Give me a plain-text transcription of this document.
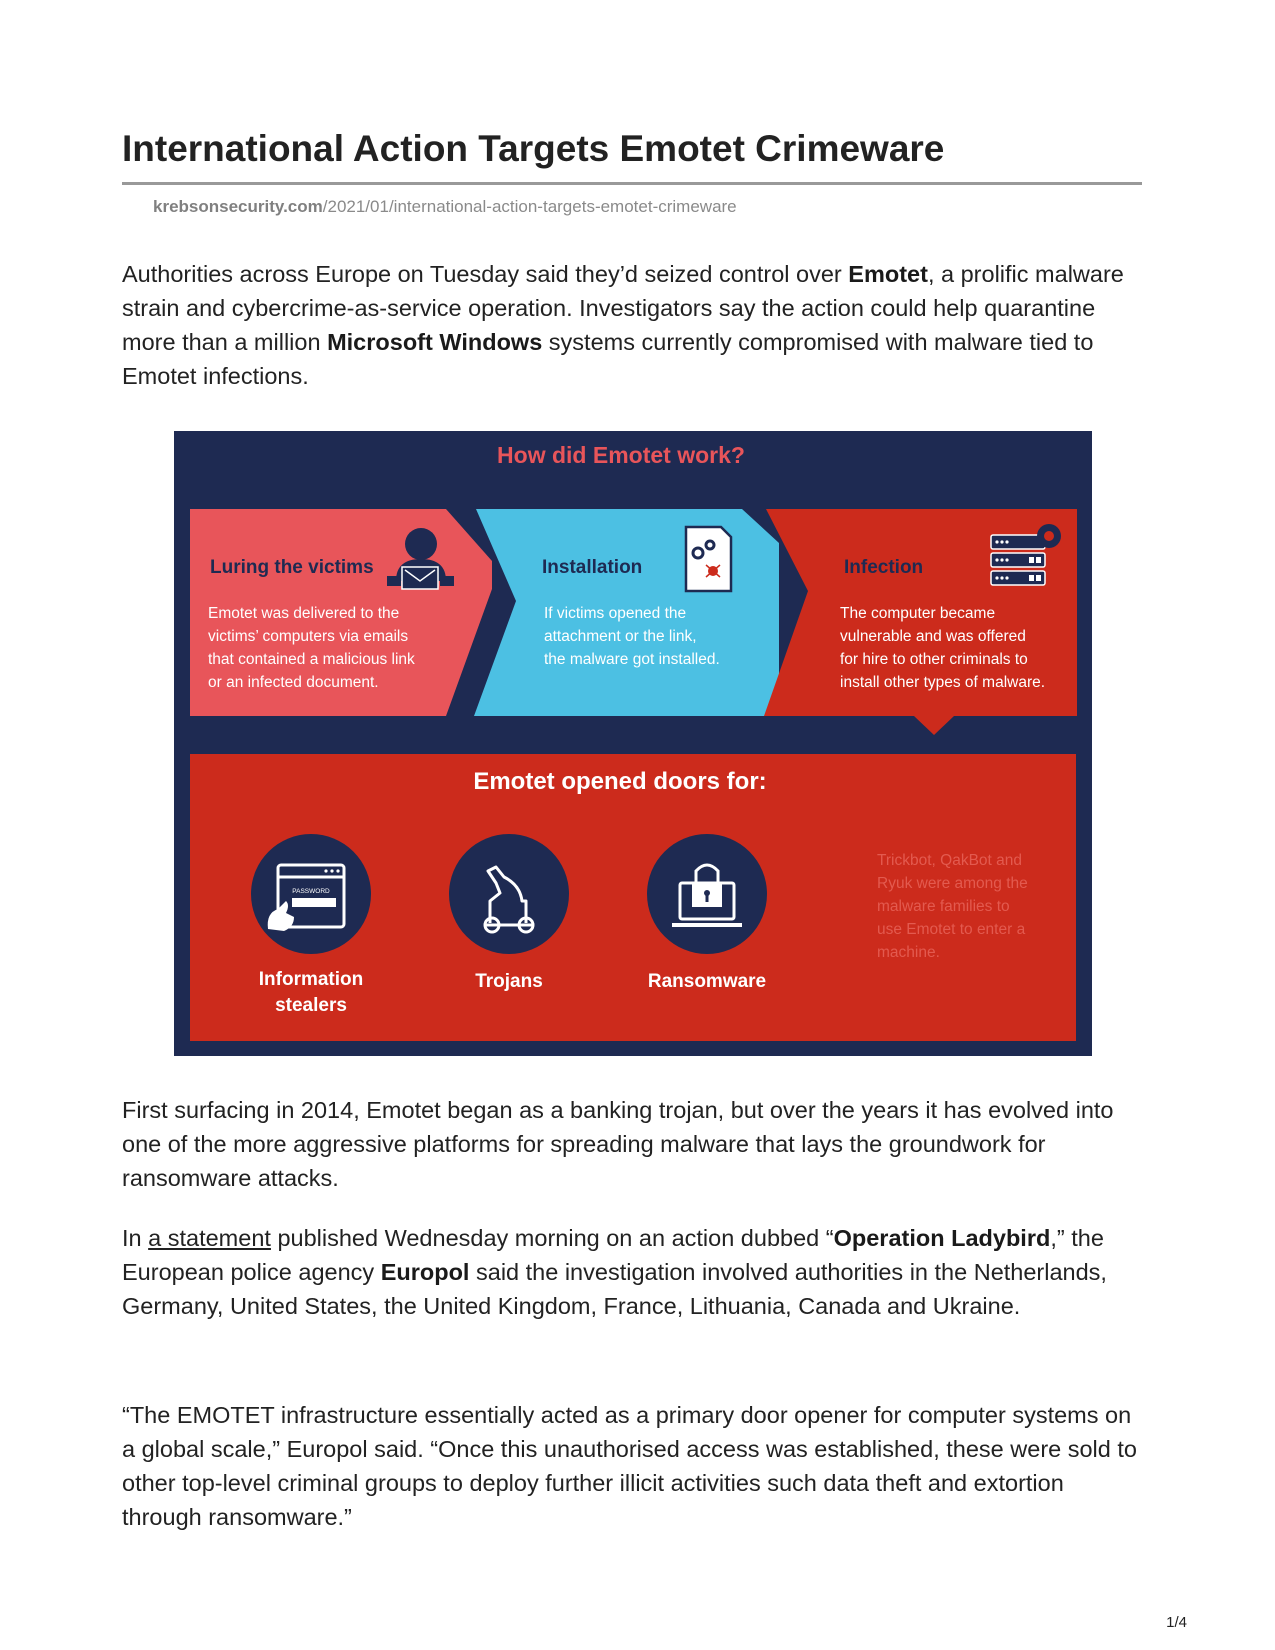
International Action Targets Emotet Crimeware
krebsonsecurity.com/2021/01/international-action-targets-emotet-crimeware

Authorities across Europe on Tuesday said they’d seized control over Emotet, a prolific malware strain and cybercrime-as-service operation. Investigators say the action could help quarantine more than a million Microsoft Windows systems currently compromised with malware tied to Emotet infections.

First surfacing in 2014, Emotet began as a banking trojan, but over the years it has evolved into one of the more aggressive platforms for spreading malware that lays the groundwork for ransomware attacks.

In a statement published Wednesday morning on an action dubbed “Operation Ladybird,” the European police agency Europol said the investigation involved authorities in the Netherlands, Germany, United States, the United Kingdom, France, Lithuania, Canada and Ukraine.

“The EMOTET infrastructure essentially acted as a primary door opener for computer systems on a global scale,” Europol said. “Once this unauthorised access was established, these were sold to other top-level criminal groups to deploy further illicit activities such data theft and extortion through ransomware.”

How did Emotet work?
Luring the victims	Installation	Infection
Emotet was delivered to the
victims’ computers via emails
that contained a malicious link
or an infected document.
If victims opened the
attachment or the link,
the malware got installed.
The computer became
vulnerable and was offered
for hire to other criminals to
install other types of malware.
Emotet opened doors for:
PASSWORD
Information
stealers
Trojans	Ransomware
Trickbot, QakBot and
Ryuk were among the
malware families to
use Emotet to enter a
machine.
1/4
